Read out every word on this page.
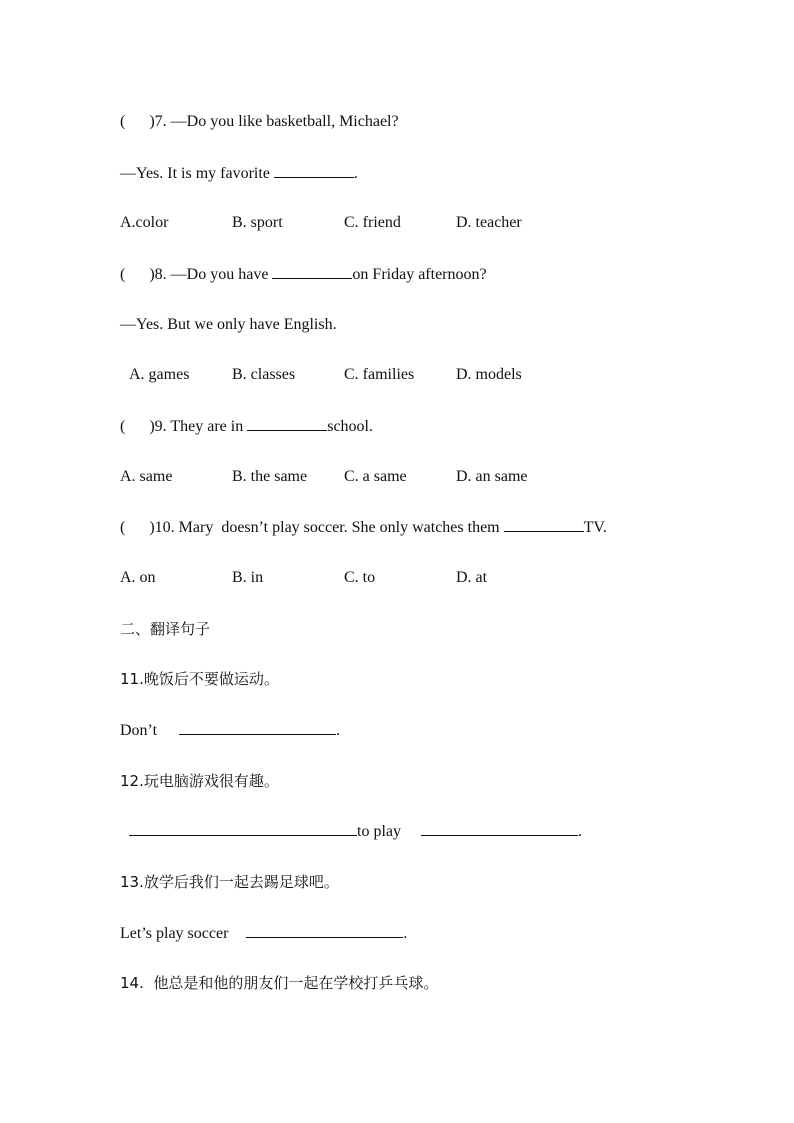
(      )7. —Do you like basketball, Michael?
—Yes. It is my favorite	.
A.color	B. sport	C. friend	D. teacher
(      )8. —Do you have	on Friday afternoon?
—Yes. But we only have English.
A. games	B. classes	C. families	D. models
(      )9. They are in	school.
A. same	B. the same C. a same	D. an same
(      )10. Mary  doesn’t play soccer. She only watches them	TV.
A. on	B. in	C. to	D. at
二、翻译句子
11.晚饭后不要做运动。
Don’t	.
12.玩电脑游戏很有趣。
to play	.
13.放学后我们一起去踢足球吧。
Let’s play soccer	.
14.  他总是和他的朋友们一起在学校打乒乓球。
